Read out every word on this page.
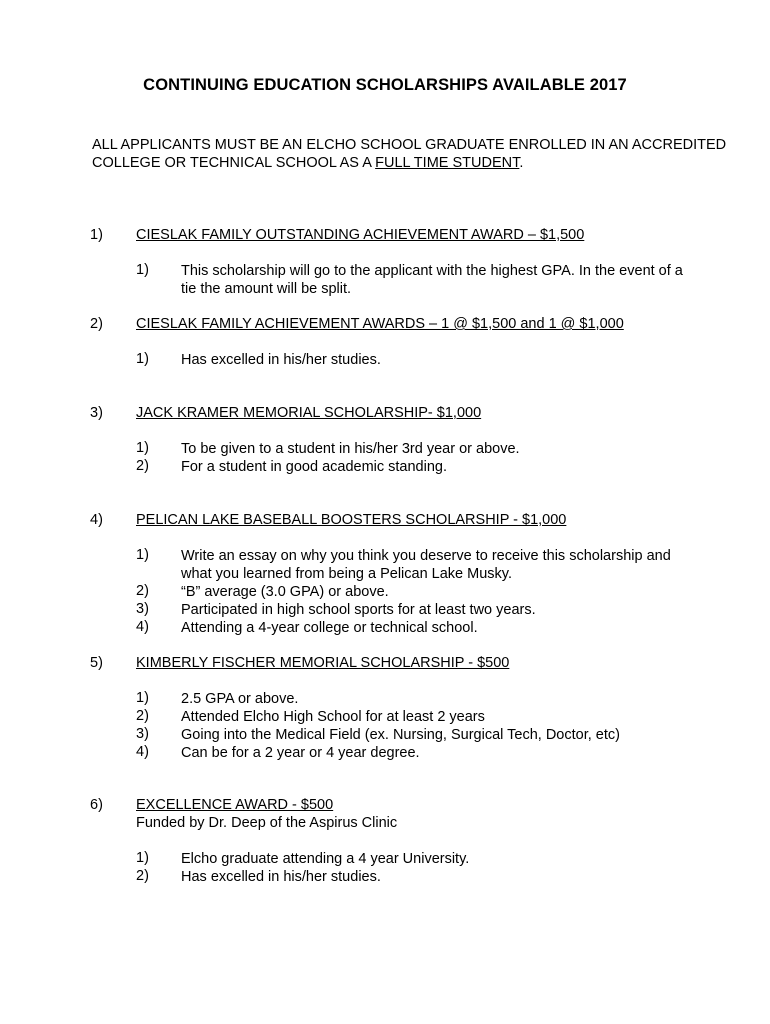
CONTINUING EDUCATION SCHOLARSHIPS AVAILABLE 2017
ALL APPLICANTS MUST BE AN ELCHO SCHOOL GRADUATE ENROLLED IN AN ACCREDITED COLLEGE OR TECHNICAL SCHOOL AS A FULL TIME STUDENT.
1) CIESLAK FAMILY OUTSTANDING ACHIEVEMENT AWARD – $1,500
1) This scholarship will go to the applicant with the highest GPA. In the event of a tie the amount will be split.
2) CIESLAK FAMILY ACHIEVEMENT AWARDS – 1 @ $1,500 and 1 @ $1,000
1) Has excelled in his/her studies.
3) JACK KRAMER MEMORIAL SCHOLARSHIP- $1,000
1) To be given to a student in his/her 3rd year or above.
2) For a student in good academic standing.
4) PELICAN LAKE BASEBALL BOOSTERS SCHOLARSHIP - $1,000
1) Write an essay on why you think you deserve to receive this scholarship and what you learned from being a Pelican Lake Musky.
2) “B” average (3.0 GPA) or above.
3) Participated in high school sports for at least two years.
4) Attending a 4-year college or technical school.
5) KIMBERLY FISCHER MEMORIAL SCHOLARSHIP - $500
1) 2.5 GPA or above.
2) Attended Elcho High School for at least 2 years
3) Going into the Medical Field (ex. Nursing, Surgical Tech, Doctor, etc)
4) Can be for a 2 year or 4 year degree.
6) EXCELLENCE AWARD - $500
Funded by Dr. Deep of the Aspirus Clinic
1) Elcho graduate attending a 4 year University.
2) Has excelled in his/her studies.
